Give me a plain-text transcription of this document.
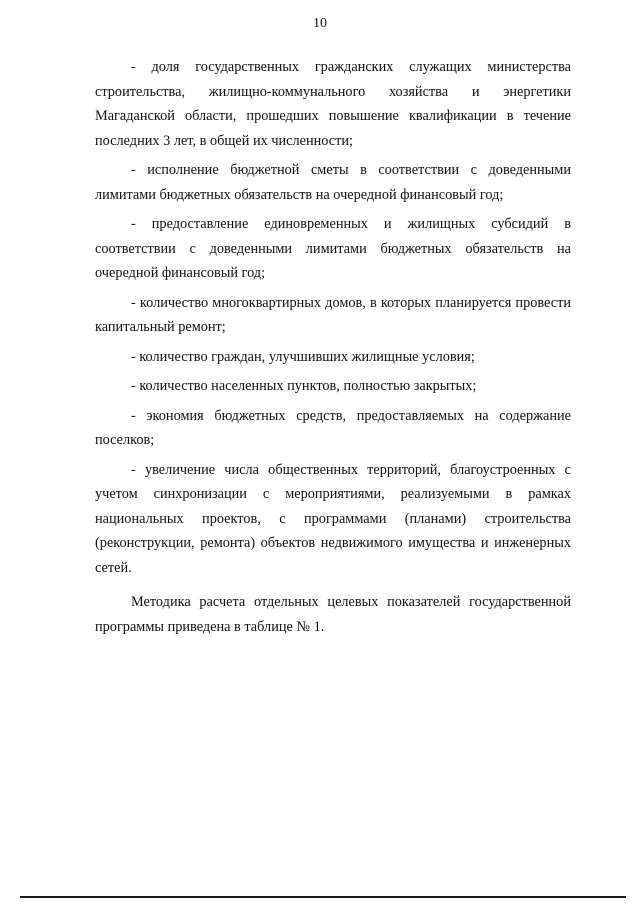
10

- доля государственных гражданских служащих министерства строительства, жилищно-коммунального хозяйства и энергетики Магаданской области, прошедших повышение квалификации в течение последних 3 лет, в общей их численности;

- исполнение бюджетной сметы в соответствии с доведенными лимитами бюджетных обязательств на очередной финансовый год;

- предоставление единовременных и жилищных субсидий в соответствии с доведенными лимитами бюджетных обязательств на очередной финансовый год;

- количество многоквартирных домов, в которых планируется провести капитальный ремонт;

- количество граждан, улучшивших жилищные условия;

- количество населенных пунктов, полностью закрытых;

- экономия бюджетных средств, предоставляемых на содержание поселков;

- увеличение числа общественных территорий, благоустроенных с учетом синхронизации с мероприятиями, реализуемыми в рамках национальных проектов, с программами (планами) строительства (реконструкции, ремонта) объектов недвижимого имущества и инженерных сетей.

Методика расчета отдельных целевых показателей государственной программы приведена в таблице № 1.
